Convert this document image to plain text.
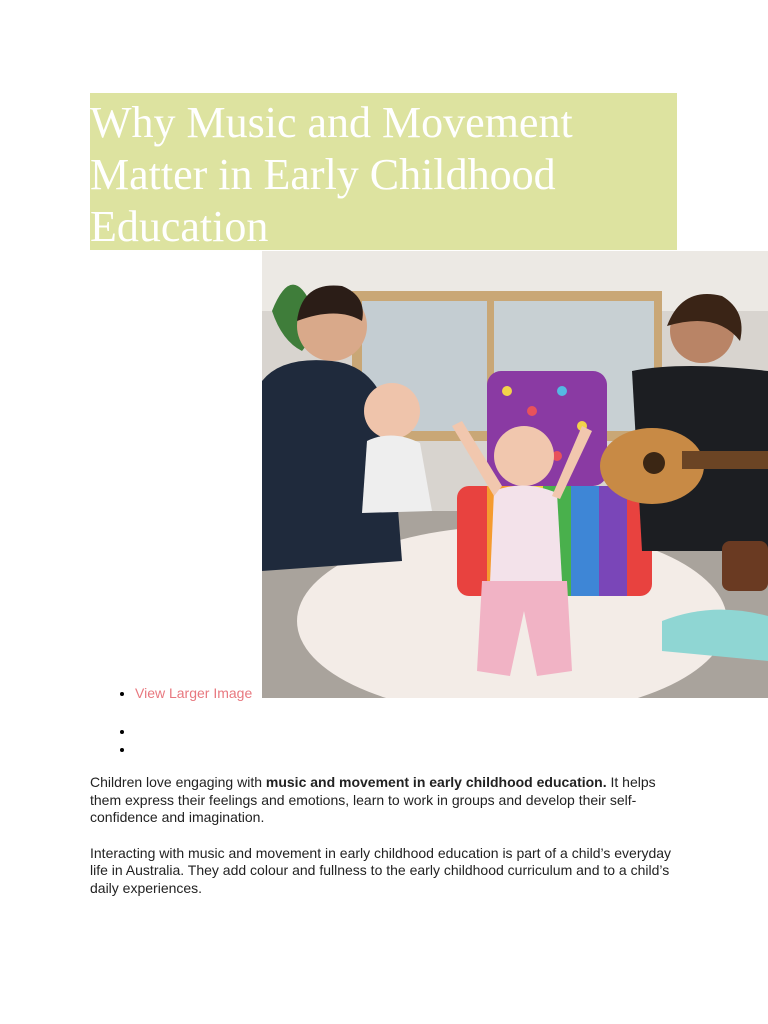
Why Music and Movement Matter in Early Childhood Education
• View Larger Image

Children love engaging with music and movement in early childhood education. It helps them express their feelings and emotions, learn to work in groups and develop their self-confidence and imagination.

Interacting with music and movement in early childhood education is part of a child’s everyday life in Australia. They add colour and fullness to the early childhood curriculum and to a child’s daily experiences.
